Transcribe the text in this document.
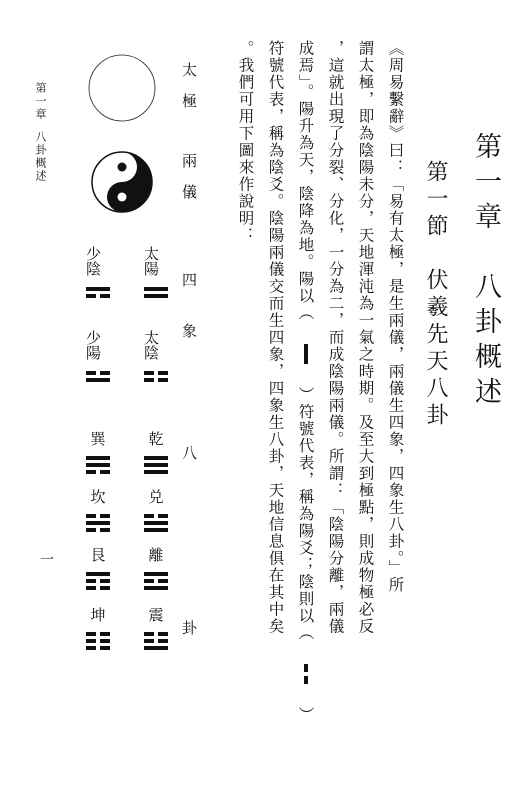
第一章　八卦概述
第一節　伏羲先天八卦
《周易繫辭》曰：「易有太極，是生兩儀，兩儀生四象，四象生八卦。」所
謂太極，即為陰陽未分，天地渾沌為一氣之時期。及至大到極點，則成物極必反
，這就出現了分裂、分化，一分為二，而成陰陽兩儀。所謂：「陰陽分離，兩儀
成焉」。陽升為天，陰降為地。陽以（  ）符號代表，稱為陽爻；陰則以（  ）
符號代表，稱為陰爻。陰陽兩儀交而生四象，四象生八卦，天地信息俱在其中矣
。我們可用下圖來作說明：
太極
兩儀
四象
八卦
太陽
太陰
少陰
少陽
乾
兑
離
震
巽
坎
艮
坤
第一章八卦概述
一
